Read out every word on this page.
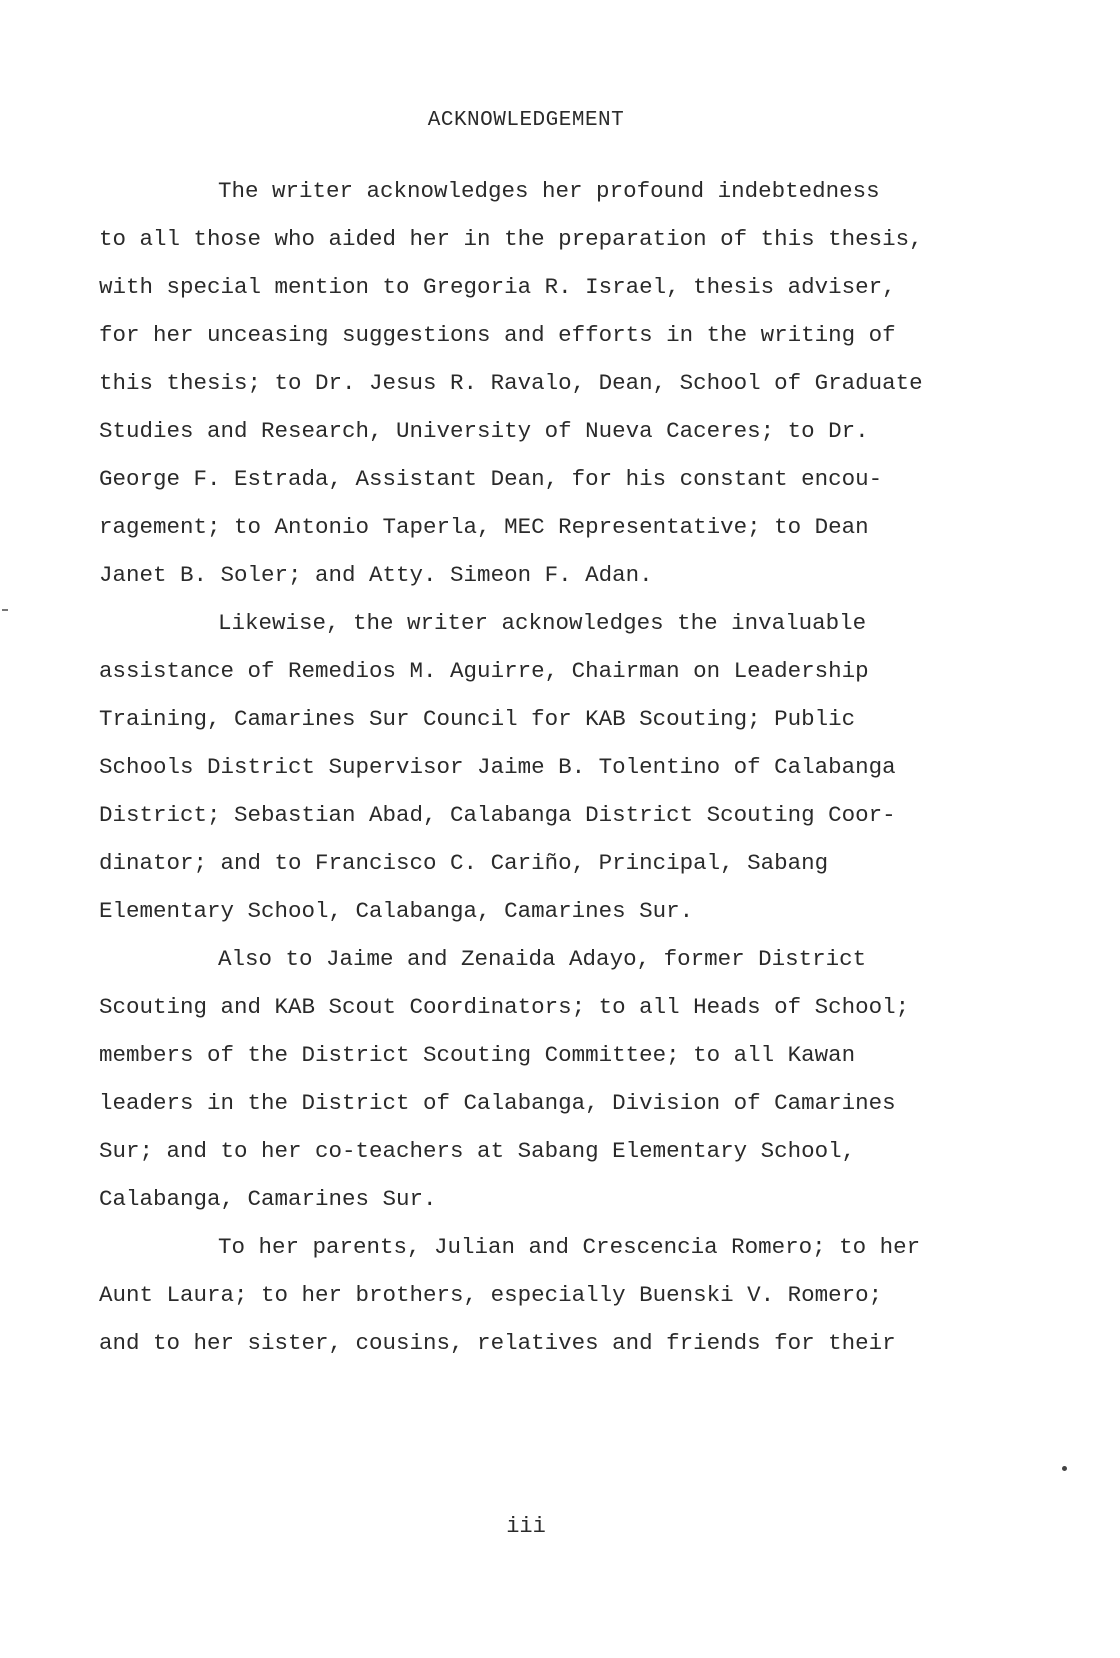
ACKNOWLEDGEMENT

The writer acknowledges her profound indebtedness

to all those who aided her in the preparation of this thesis,

with special mention to Gregoria R. Israel, thesis adviser,

for her unceasing suggestions and efforts in the writing of

this thesis; to Dr. Jesus R. Ravalo, Dean, School of Graduate

Studies and Research, University of Nueva Caceres; to Dr.

George F. Estrada, Assistant Dean, for his constant encou-

ragement; to Antonio Taperla, MEC Representative; to Dean

Janet B. Soler; and Atty. Simeon F. Adan.

Likewise, the writer acknowledges the invaluable

assistance of Remedios M. Aguirre, Chairman on Leadership

Training, Camarines Sur Council for KAB Scouting; Public

Schools District Supervisor Jaime B. Tolentino of Calabanga

District; Sebastian Abad, Calabanga District Scouting Coor-

dinator; and to Francisco C. Cariño, Principal, Sabang

Elementary School, Calabanga, Camarines Sur.

Also to Jaime and Zenaida Adayo, former District

Scouting and KAB Scout Coordinators; to all Heads of School;

members of the District Scouting Committee; to all Kawan

leaders in the District of Calabanga, Division of Camarines

Sur; and to her co-teachers at Sabang Elementary School,

Calabanga, Camarines Sur.

To her parents, Julian and Crescencia Romero; to her

Aunt Laura; to her brothers, especially Buenski V. Romero;

and to her sister, cousins, relatives and friends for their

iii
